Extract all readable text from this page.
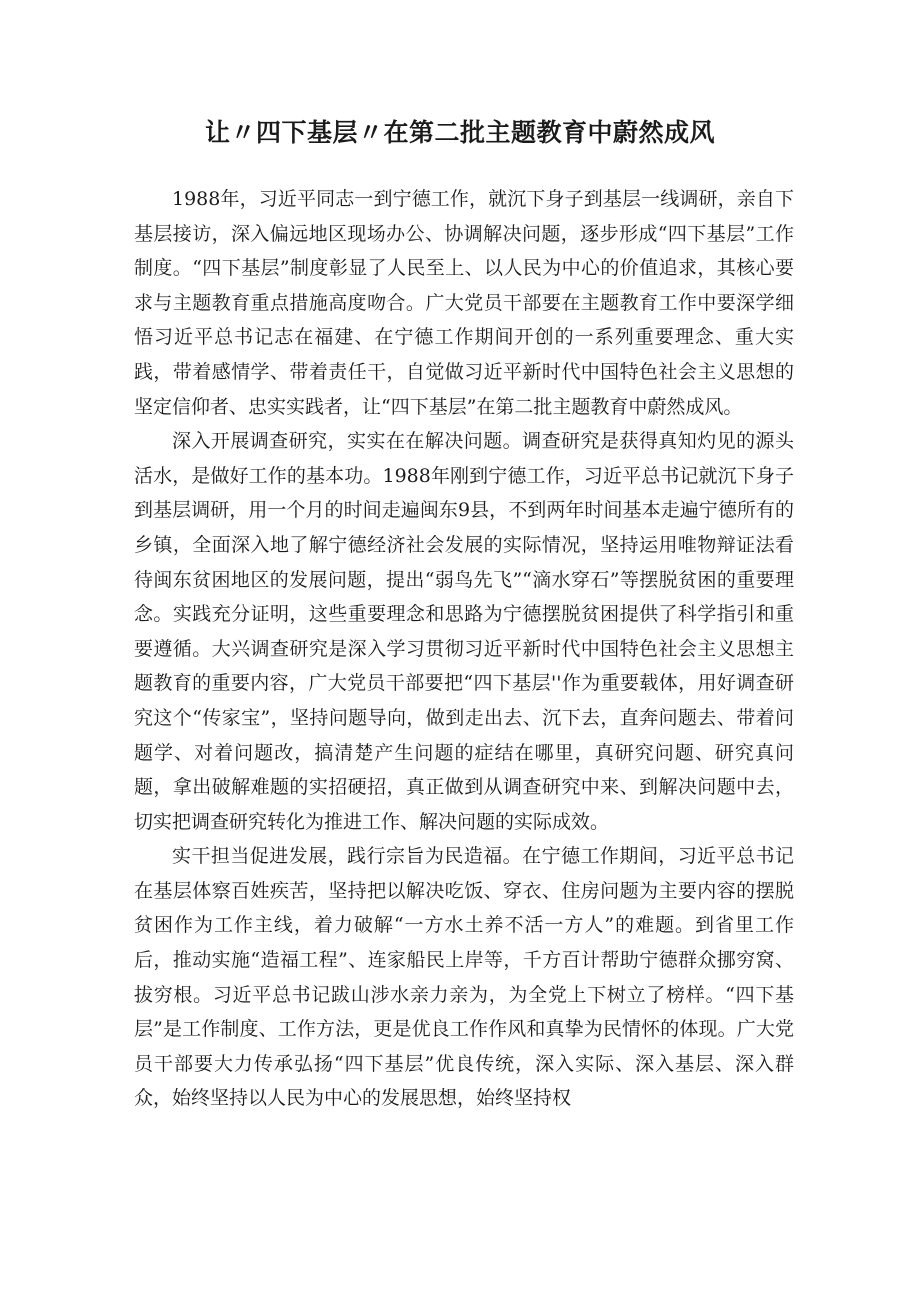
让〃四下基层〃在第二批主题教育中蔚然成风

1988年，习近平同志一到宁德工作，就沉下身子到基层一线调研，亲自下基层接访，深入偏远地区现场办公、协调解决问题，逐步形成“四下基层”工作制度。“四下基层”制度彰显了人民至上、以人民为中心的价值追求，其核心要求与主题教育重点措施高度吻合。广大党员干部要在主题教育工作中要深学细悟习近平总书记志在福建、在宁德工作期间开创的一系列重要理念、重大实践，带着感情学、带着责任干，自觉做习近平新时代中国特色社会主义思想的坚定信仰者、忠实实践者，让“四下基层”在第二批主题教育中蔚然成风。

深入开展调查研究，实实在在解决问题。调查研究是获得真知灼见的源头活水，是做好工作的基本功。1988年刚到宁德工作，习近平总书记就沉下身子到基层调研，用一个月的时间走遍闽东9县，不到两年时间基本走遍宁德所有的乡镇，全面深入地了解宁德经济社会发展的实际情况，坚持运用唯物辩证法看待闽东贫困地区的发展问题，提出“弱鸟先飞”“滴水穿石”等摆脱贫困的重要理念。实践充分证明，这些重要理念和思路为宁德摆脱贫困提供了科学指引和重要遵循。大兴调查研究是深入学习贯彻习近平新时代中国特色社会主义思想主题教育的重要内容，广大党员干部要把“四下基层''作为重要载体，用好调查研究这个“传家宝”，坚持问题导向，做到走出去、沉下去，直奔问题去、带着问题学、对着问题改，搞清楚产生问题的症结在哪里，真研究问题、研究真问题，拿出破解难题的实招硬招，真正做到从调查研究中来、到解决问题中去，切实把调查研究转化为推进工作、解决问题的实际成效。

实干担当促进发展，践行宗旨为民造福。在宁德工作期间，习近平总书记在基层体察百姓疾苦，坚持把以解决吃饭、穿衣、住房问题为主要内容的摆脱贫困作为工作主线，着力破解“一方水土养不活一方人”的难题。到省里工作后，推动实施“造福工程”、连家船民上岸等，千方百计帮助宁德群众挪穷窝、拔穷根。习近平总书记跋山涉水亲力亲为，为全党上下树立了榜样。“四下基层”是工作制度、工作方法，更是优良工作作风和真挚为民情怀的体现。广大党员干部要大力传承弘扬“四下基层”优良传统，深入实际、深入基层、深入群众，始终坚持以人民为中心的发展思想，始终坚持权
